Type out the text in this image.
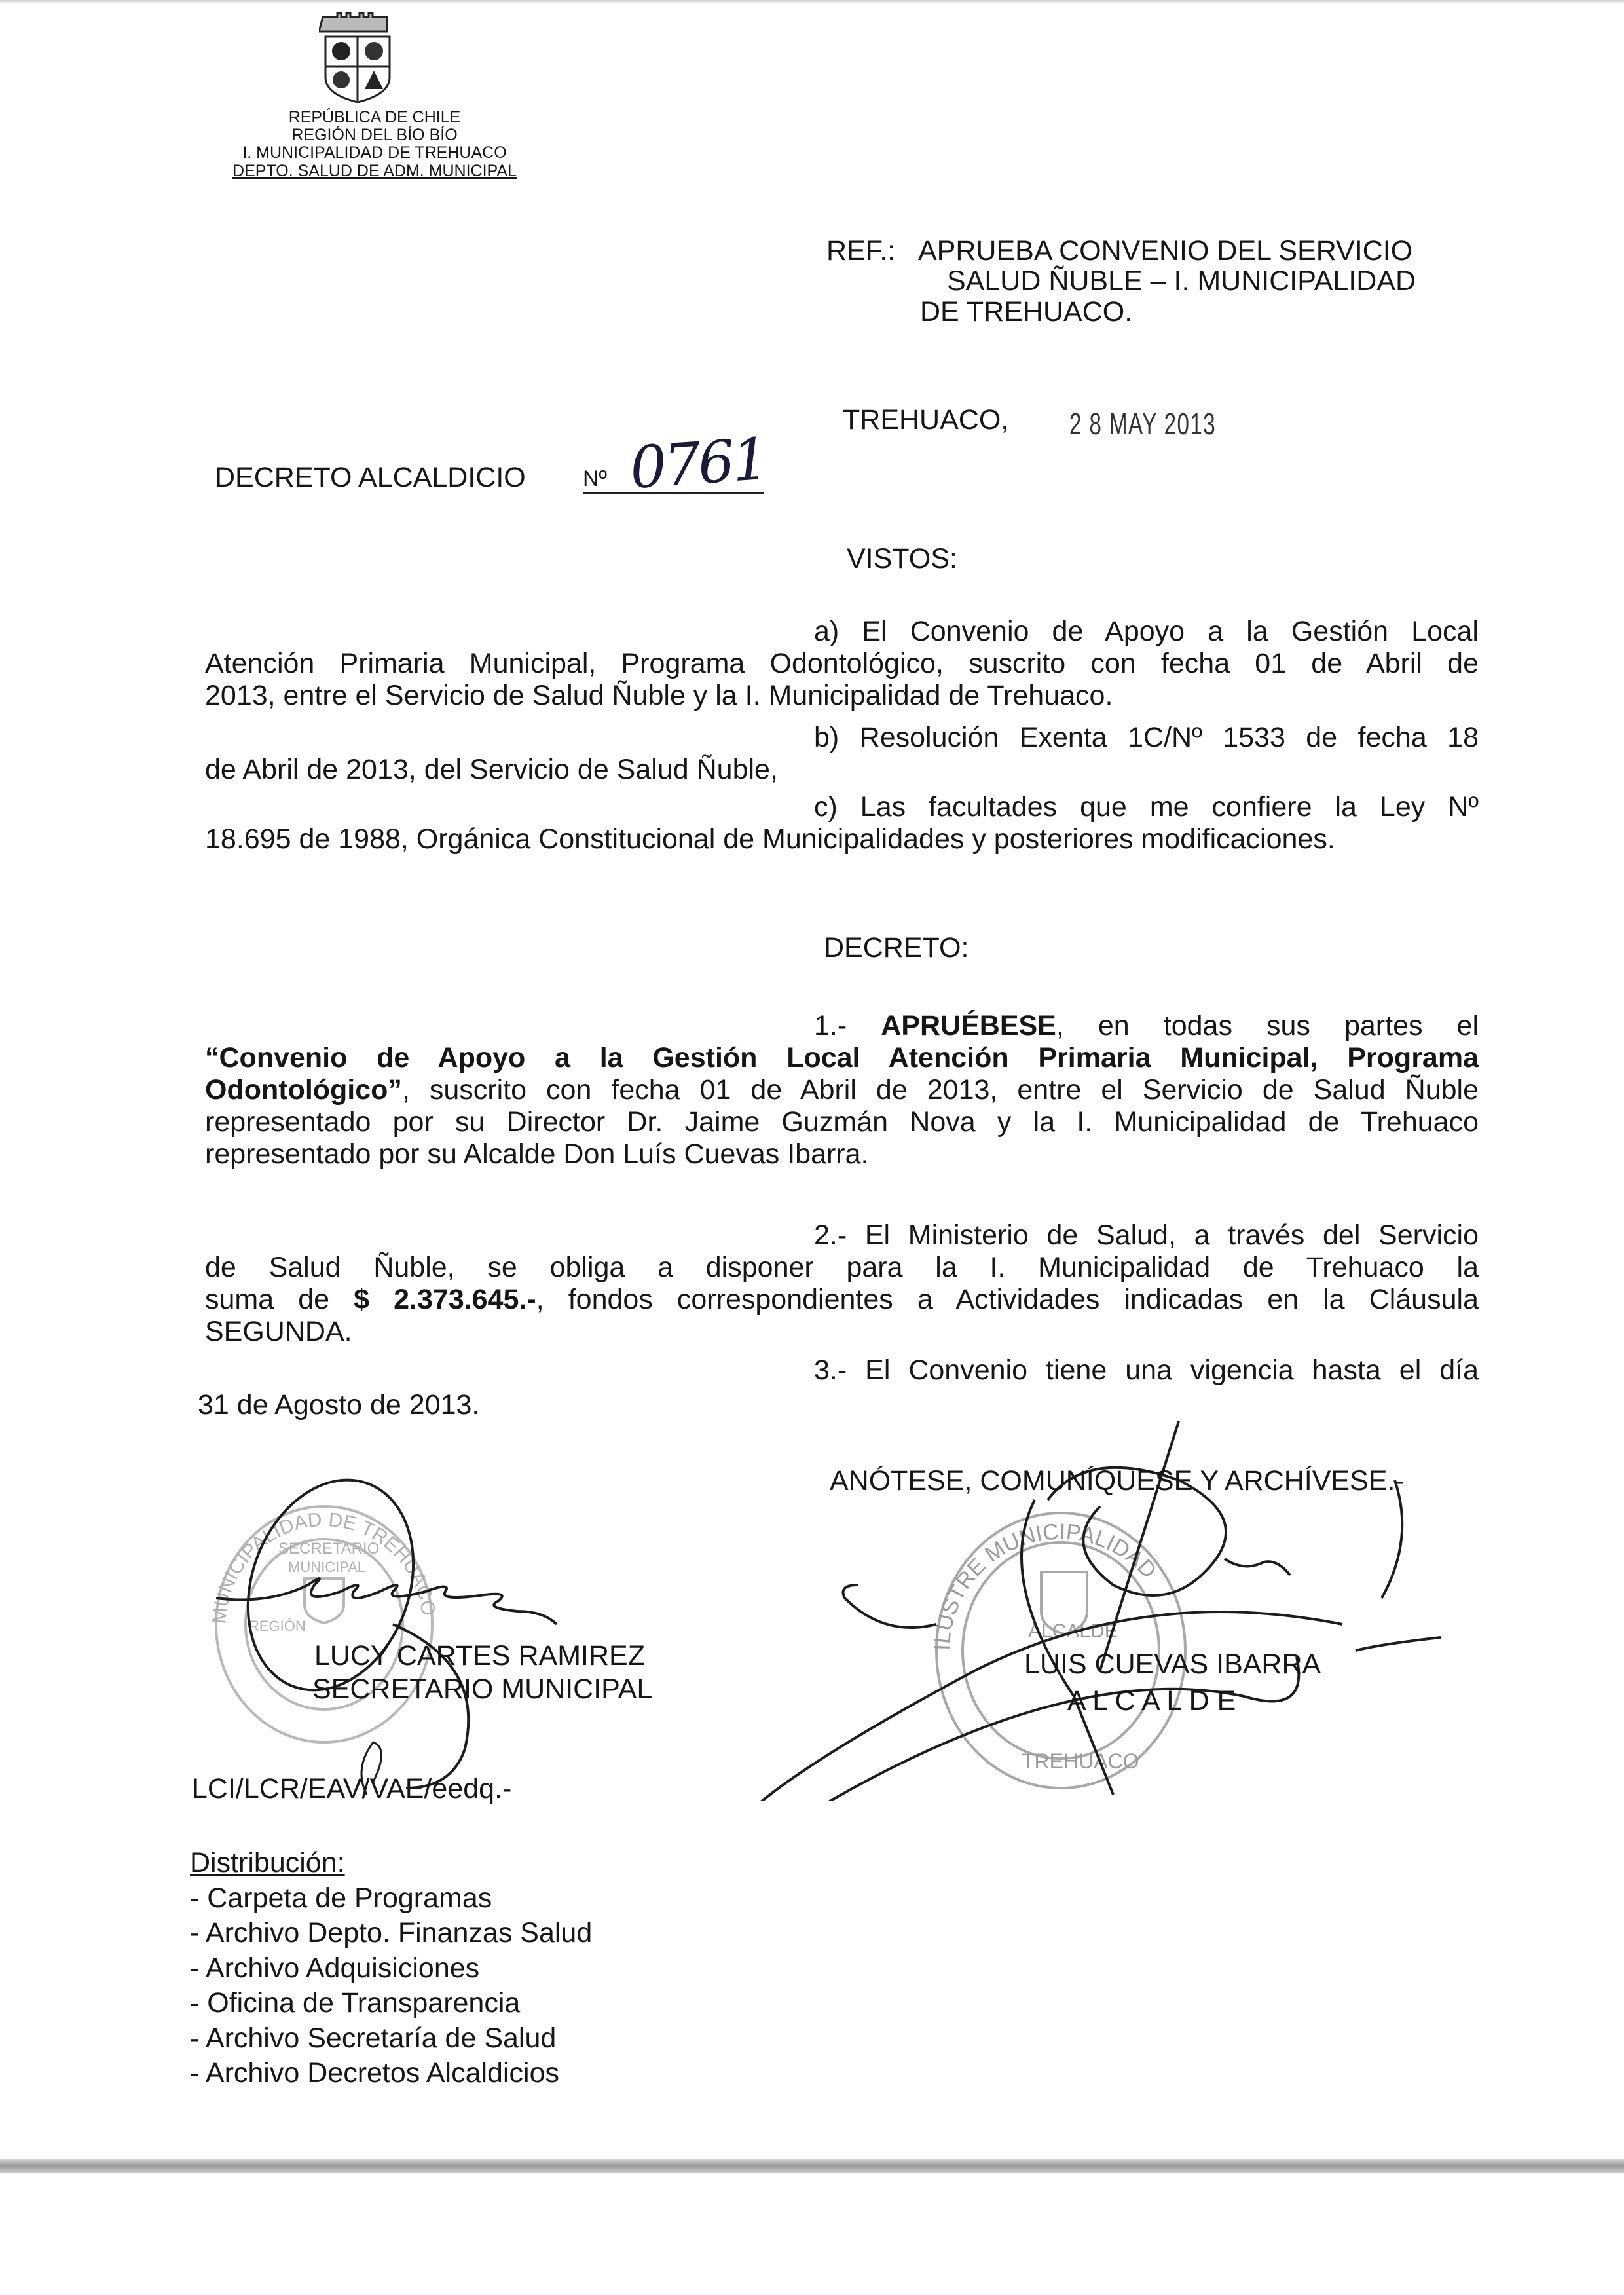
REPÚBLICA DE CHILE
REGIÓN DEL BÍO BÍO
I. MUNICIPALIDAD DE TREHUACO
DEPTO. SALUD DE ADM. MUNICIPAL
REF.: APRUEBA CONVENIO DEL SERVICIO
SALUD ÑUBLE – I. MUNICIPALIDAD
DE TREHUACO.
TREHUACO, 2 8 MAY 2013
DECRETO ALCALDICIO	Nº 0761
VISTOS:
a) El Convenio de Apoyo a la Gestión Local
Atención Primaria Municipal, Programa Odontológico, suscrito con fecha 01 de Abril de
2013, entre el Servicio de Salud Ñuble y la I. Municipalidad de Trehuaco.
b) Resolución Exenta 1C/Nº 1533 de fecha 18
de Abril de 2013, del Servicio de Salud Ñuble,
c) Las facultades que me confiere la Ley Nº
18.695 de 1988, Orgánica Constitucional de Municipalidades y posteriores modificaciones.
DECRETO:
1.- APRUÉBESE, en todas sus partes el
“Convenio de Apoyo a la Gestión Local Atención Primaria Municipal, Programa
Odontológico”, suscrito con fecha 01 de Abril de 2013, entre el Servicio de Salud Ñuble
representado por su Director Dr. Jaime Guzmán Nova y la I. Municipalidad de Trehuaco
representado por su Alcalde Don Luís Cuevas Ibarra.
2.- El Ministerio de Salud, a través del Servicio
de Salud Ñuble, se obliga a disponer para la I. Municipalidad de Trehuaco la
suma de $ 2.373.645.-, fondos correspondientes a Actividades indicadas en la Cláusula
SEGUNDA.
3.- El Convenio tiene una vigencia hasta el día
31 de Agosto de 2013.
MUNICIPALIDAD DE TREHUACO
SECRETARIO
MUNICIPAL
REGIÓN
ILUSTRE MUNICIPALIDAD
ALCALDE
TREHUACO
ANÓTESE, COMUNÍQUESE Y ARCHÍVESE.-
LUCY CARTES RAMIREZ
SECRETARIO MUNICIPAL
LUIS CUEVAS IBARRA
A L C A L D E
LCI/LCR/EAV/VAE/eedq.-
Distribución:
- Carpeta de Programas
- Archivo Depto. Finanzas Salud
- Archivo Adquisiciones
- Oficina de Transparencia
- Archivo Secretaría de Salud
- Archivo Decretos Alcaldicios
